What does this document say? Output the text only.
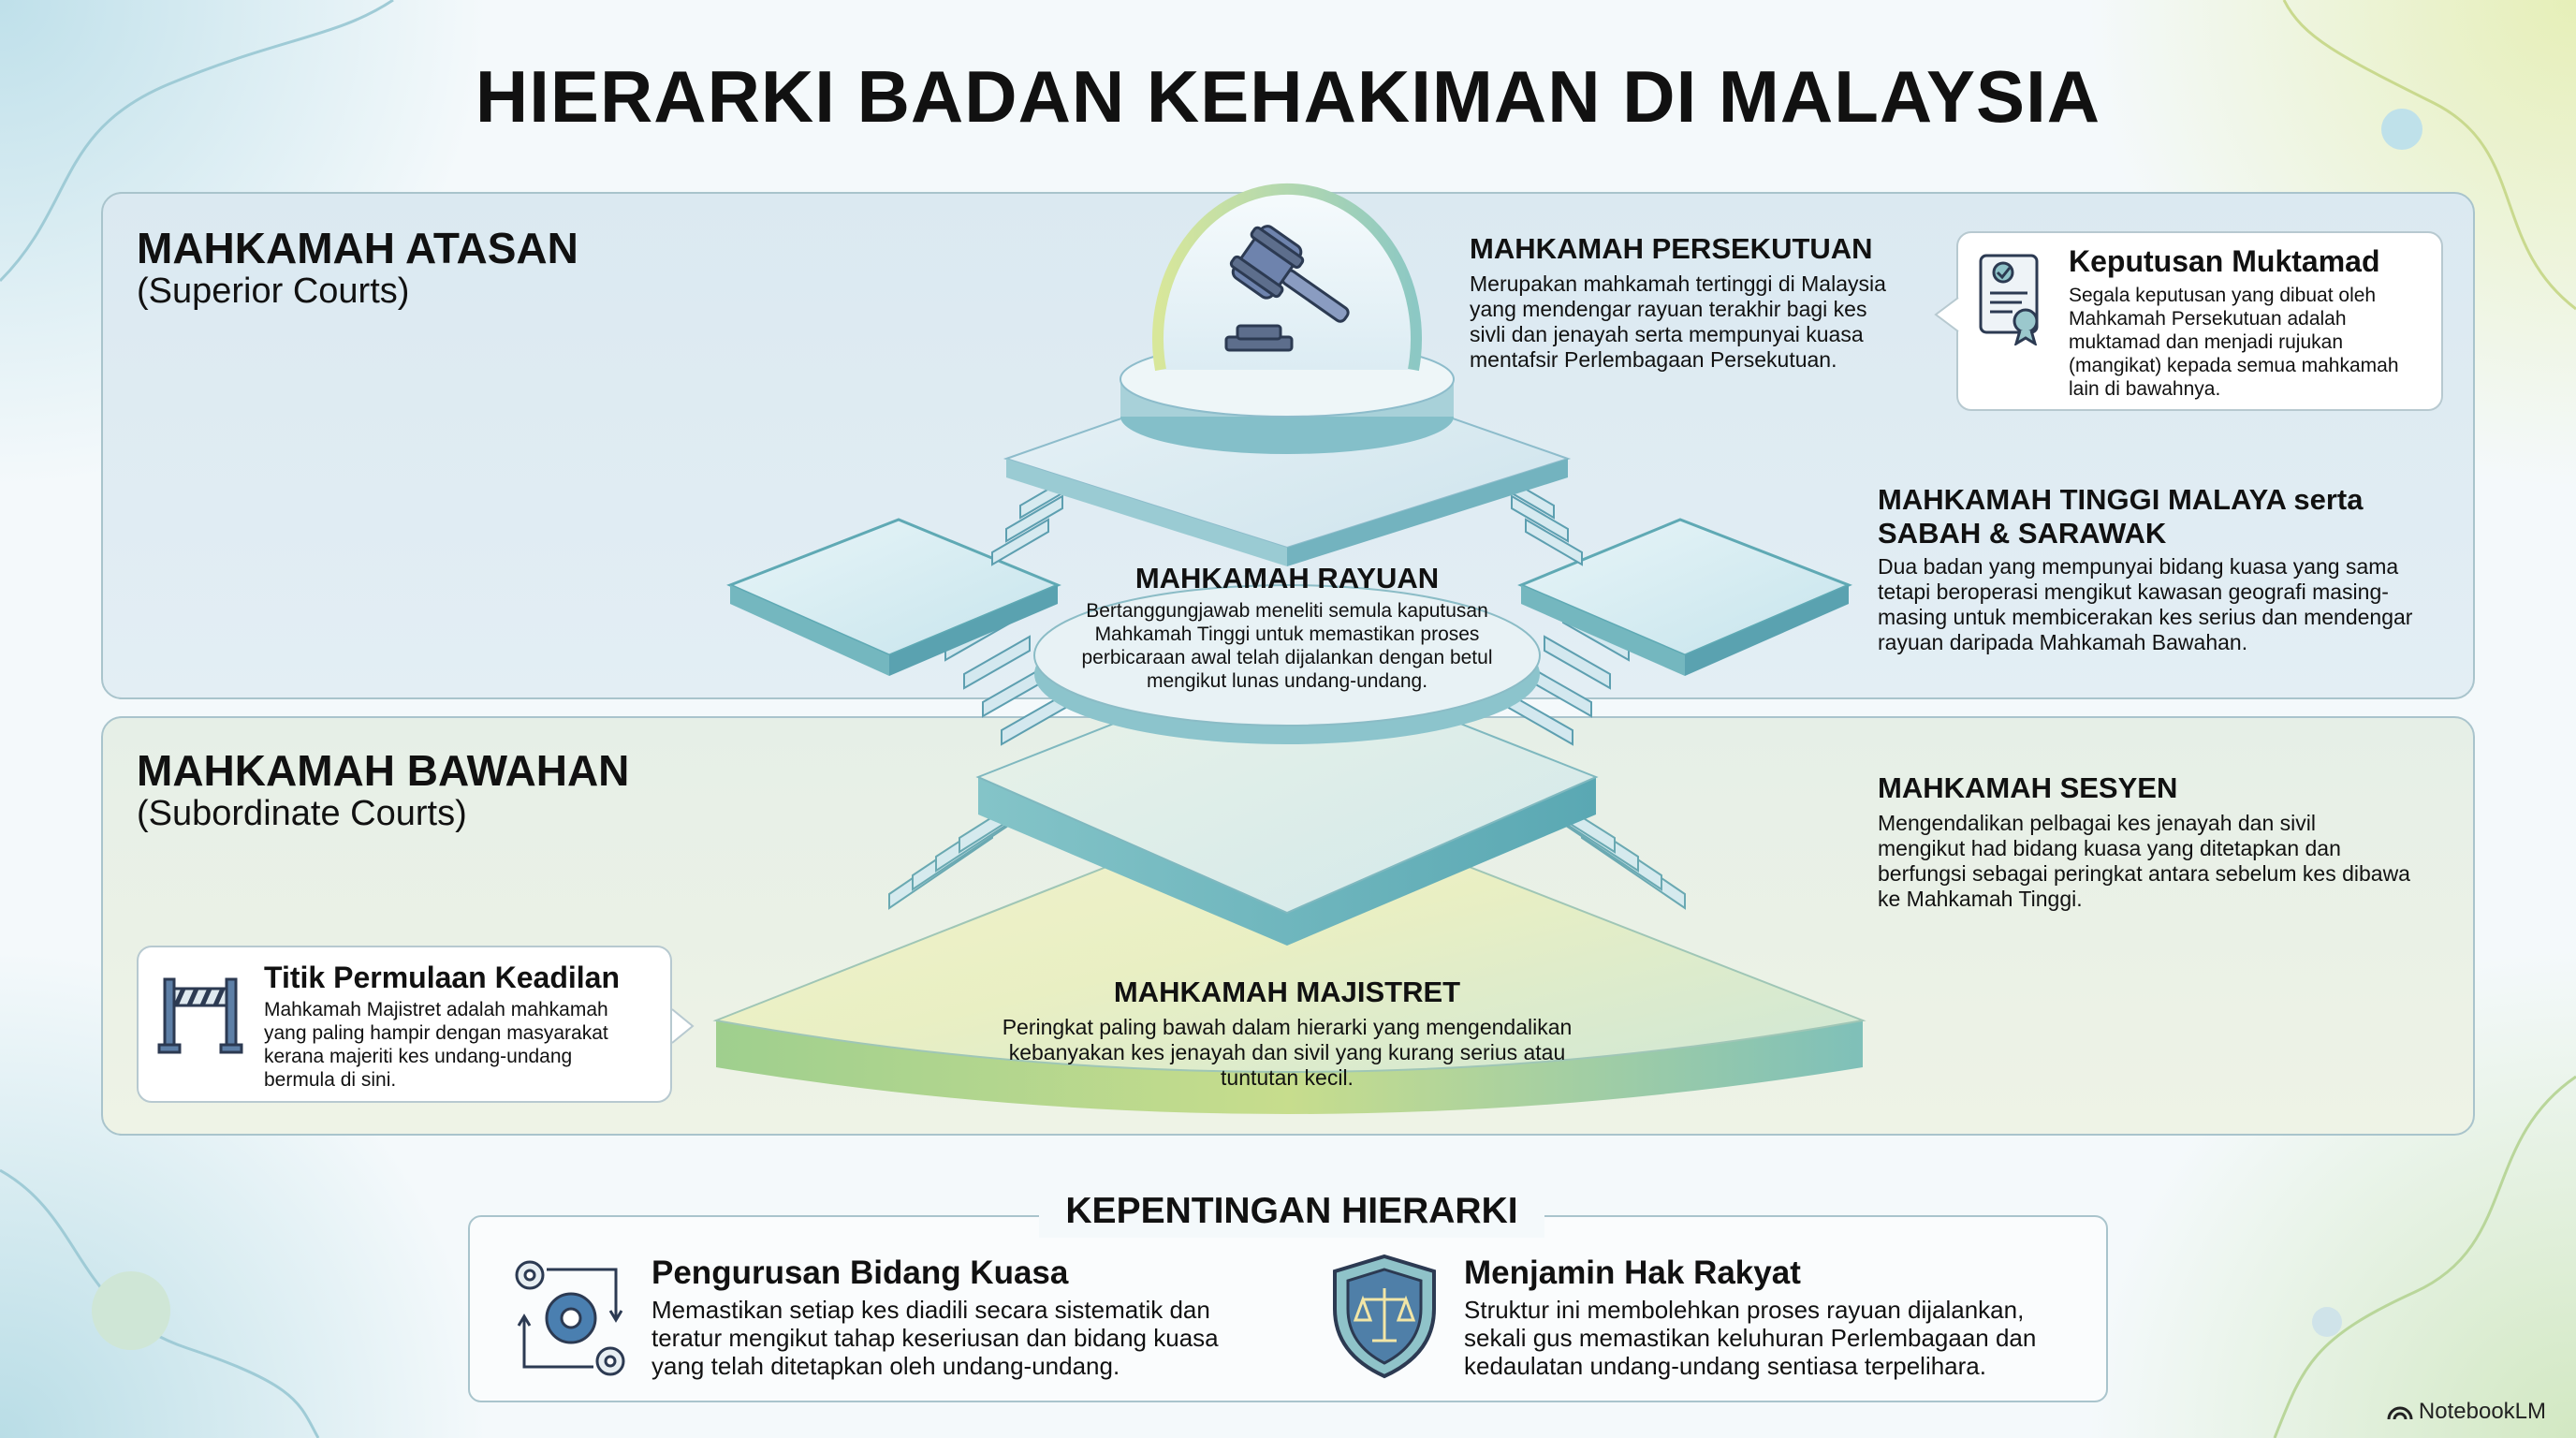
HIERARKI BADAN KEHAKIMAN DI MALAYSIA
MAHKAMAH ATASAN
(Superior Courts)
MAHKAMAH BAWAHAN
(Subordinate Courts)
MAHKAMAH PERSEKUTUAN
Merupakan mahkamah tertinggi di Malaysia
yang mendengar rayuan terakhir bagi kes
sivli dan jenayah serta mempunyai kuasa
mentafsir Perlembagaan Persekutuan.
MAHKAMAH RAYUAN
Bertanggungjawab meneliti semula kaputusan
Mahkamah Tinggi untuk memastikan proses
perbicaraan awal telah dijalankan dengan betul
mengikut lunas undang-undang.
MAHKAMAH TINGGI MALAYA serta
SABAH & SARAWAK
Dua badan yang mempunyai bidang kuasa yang sama
tetapi beroperasi mengikut kawasan geografi masing-
masing untuk membicerakan kes serius dan mendengar
rayuan daripada Mahkamah Bawahan.
MAHKAMAH SESYEN
Mengendalikan pelbagai kes jenayah dan sivil
mengikut had bidang kuasa yang ditetapkan dan
berfungsi sebagai peringkat antara sebelum kes dibawa
ke Mahkamah Tinggi.
MAHKAMAH MAJISTRET
Peringkat paling bawah dalam hierarki yang mengendalikan
kebanyakan kes jenayah dan sivil yang kurang serius atau
tuntutan kecil.
Keputusan Muktamad
Segala keputusan yang dibuat oleh
Mahkamah Persekutuan adalah
muktamad dan menjadi rujukan
(mangikat) kepada semua mahkamah
lain di bawahnya.
Titik Permulaan Keadilan
Mahkamah Majistret adalah mahkamah
yang paling hampir dengan masyarakat
kerana majeriti kes undang-undang
bermula di sini.
KEPENTINGAN HIERARKI
Pengurusan Bidang Kuasa
Memastikan setiap kes diadili secara sistematik dan
teratur mengikut tahap keseriusan dan bidang kuasa
yang telah ditetapkan oleh undang-undang.
Menjamin Hak Rakyat
Struktur ini membolehkan proses rayuan dijalankan,
sekali gus memastikan keluhuran Perlembagaan dan
kedaulatan undang-undang sentiasa terpelihara.
NotebookLM
